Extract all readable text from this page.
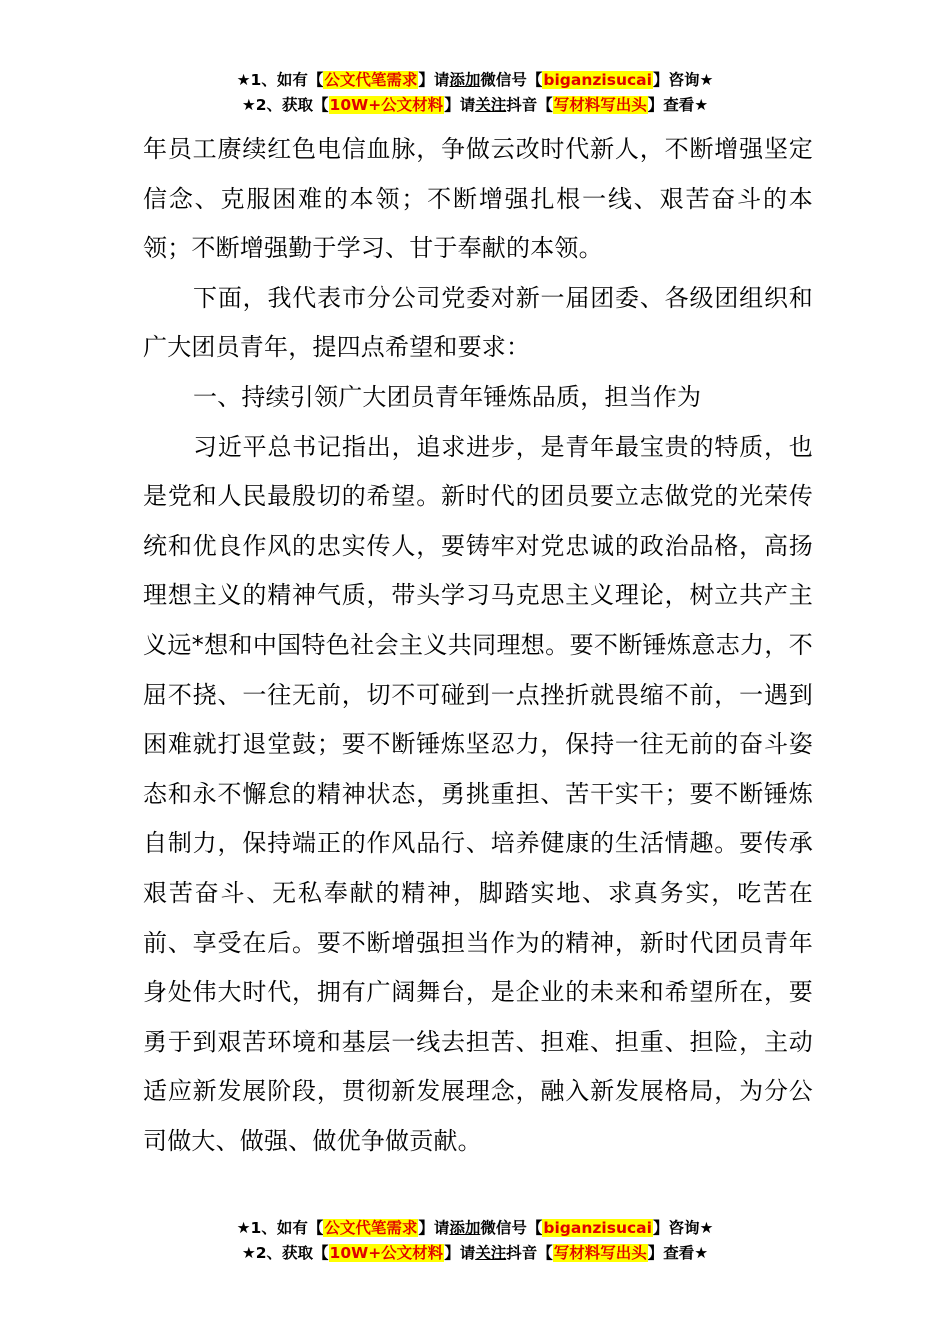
★1、如有【公文代笔需求】请添加微信号【biganzisucai】咨询★
★2、获取【10W+公文材料】请关注抖音【写材料写出头】查看★

年员工赓续红色电信血脉，争做云改时代新人，不断增强坚定信念、克服困难的本领；不断增强扎根一线、艰苦奋斗的本领；不断增强勤于学习、甘于奉献的本领。

下面，我代表市分公司党委对新一届团委、各级团组织和广大团员青年，提四点希望和要求：

一、持续引领广大团员青年锤炼品质，担当作为

习近平总书记指出，追求进步，是青年最宝贵的特质，也是党和人民最殷切的希望。新时代的团员要立志做党的光荣传统和优良作风的忠实传人，要铸牢对党忠诚的政治品格，高扬理想主义的精神气质，带头学习马克思主义理论，树立共产主义远*想和中国特色社会主义共同理想。要不断锤炼意志力，不屈不挠、一往无前，切不可碰到一点挫折就畏缩不前，一遇到困难就打退堂鼓；要不断锤炼坚忍力，保持一往无前的奋斗姿态和永不懈怠的精神状态，勇挑重担、苦干实干；要不断锤炼自制力，保持端正的作风品行、培养健康的生活情趣。要传承艰苦奋斗、无私奉献的精神，脚踏实地、求真务实，吃苦在前、享受在后。要不断增强担当作为的精神，新时代团员青年身处伟大时代，拥有广阔舞台，是企业的未来和希望所在，要勇于到艰苦环境和基层一线去担苦、担难、担重、担险，主动适应新发展阶段，贯彻新发展理念，融入新发展格局，为分公司做大、做强、做优争做贡献。

★1、如有【公文代笔需求】请添加微信号【biganzisucai】咨询★
★2、获取【10W+公文材料】请关注抖音【写材料写出头】查看★
